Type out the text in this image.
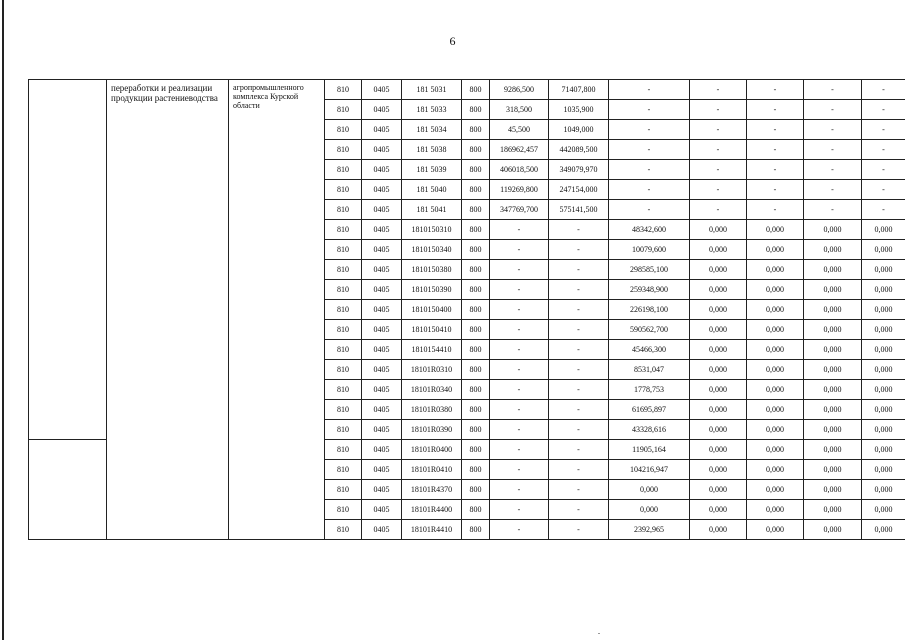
6
	переработки и реализации продукции растениеводства	агропромышленного комплекса Курской области	810	0405	181 5031	800	9286,500	71407,800	-	-	-	-	-
			810	0405	181 5033	800	318,500	1035,900	-	-	-	-	-
			810	0405	181 5034	800	45,500	1049,000	-	-	-	-	-
			810	0405	181 5038	800	186962,457	442089,500	-	-	-	-	-
			810	0405	181 5039	800	406018,500	349079,970	-	-	-	-	-
			810	0405	181 5040	800	119269,800	247154,000	-	-	-	-	-
			810	0405	181 5041	800	347769,700	575141,500	-	-	-	-	-
			810	0405	1810150310	800	-	-	48342,600	0,000	0,000	0,000	0,000
			810	0405	1810150340	800	-	-	10079,600	0,000	0,000	0,000	0,000
			810	0405	1810150380	800	-	-	298585,100	0,000	0,000	0,000	0,000
			810	0405	1810150390	800	-	-	259348,900	0,000	0,000	0,000	0,000
			810	0405	1810150400	800	-	-	226198,100	0,000	0,000	0,000	0,000
			810	0405	1810150410	800	-	-	590562,700	0,000	0,000	0,000	0,000
			810	0405	1810154410	800	-	-	45466,300	0,000	0,000	0,000	0,000
			810	0405	18101R0310	800	-	-	8531,047	0,000	0,000	0,000	0,000
			810	0405	18101R0340	800	-	-	1778,753	0,000	0,000	0,000	0,000
			810	0405	18101R0380	800	-	-	61695,897	0,000	0,000	0,000	0,000
			810	0405	18101R0390	800	-	-	43328,616	0,000	0,000	0,000	0,000
			810	0405	18101R0400	800	-	-	11905,164	0,000	0,000	0,000	0,000
			810	0405	18101R0410	800	-	-	104216,947	0,000	0,000	0,000	0,000
			810	0405	18101R4370	800	-	-	0,000	0,000	0,000	0,000	0,000
			810	0405	18101R4400	800	-	-	0,000	0,000	0,000	0,000	0,000
			810	0405	18101R4410	800	-	-	2392,965	0,000	0,000	0,000	0,000
